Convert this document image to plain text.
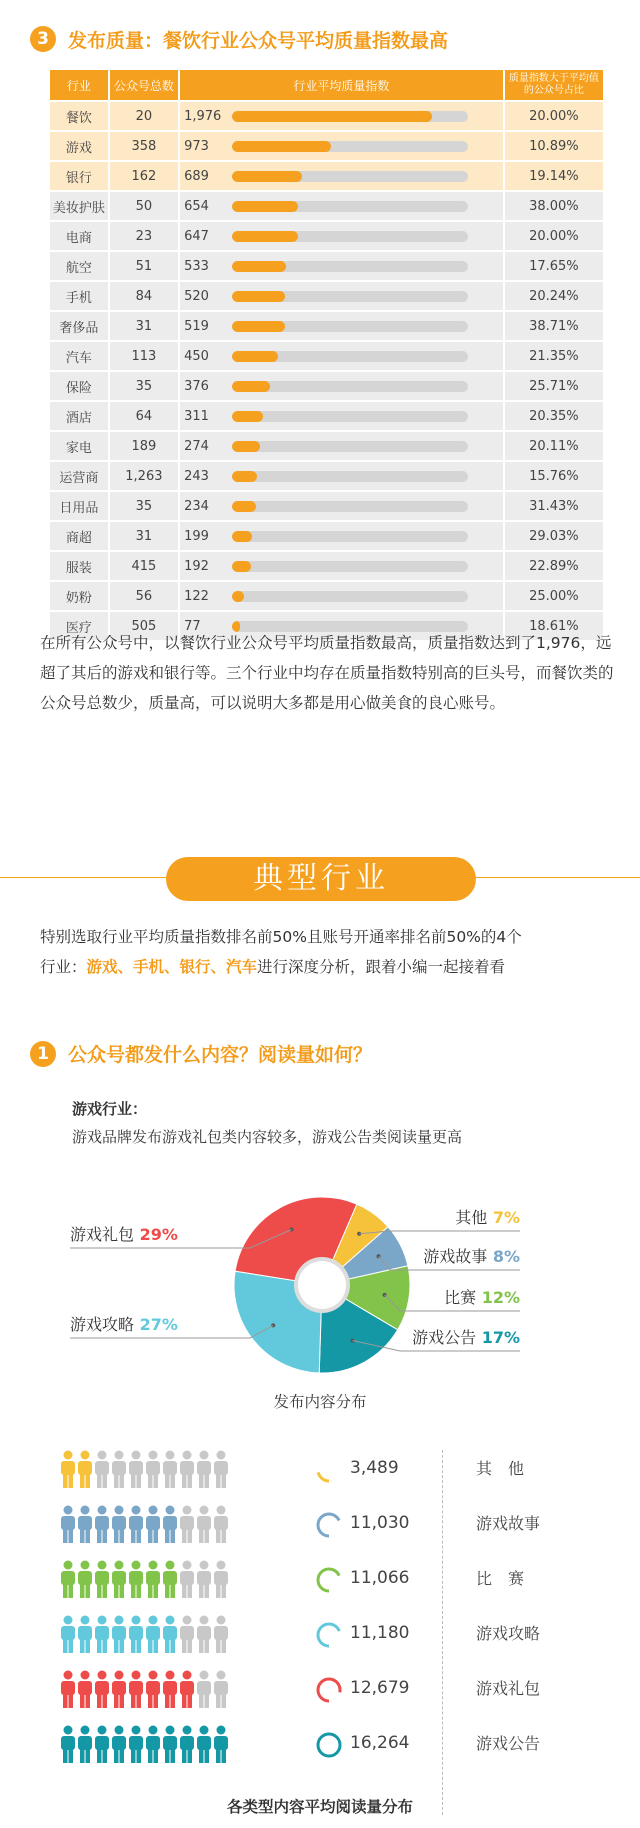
3	发布质量：餐饮行业公众号平均质量指数最高
行业	公众号总数	行业平均质量指数	质量指数大于平均值的公众号占比
餐饮	20	1,976	20.00%
游戏	358	973	10.89%
银行	162	689	19.14%
美妆护肤	50	654	38.00%
电商	23	647	20.00%
航空	51	533	17.65%
手机	84	520	20.24%
奢侈品	31	519	38.71%
汽车	113	450	21.35%
保险	35	376	25.71%
酒店	64	311	20.35%
家电	189	274	20.11%
运营商	1,263	243	15.76%
日用品	35	234	31.43%
商超	31	199	29.03%
服装	415	192	22.89%
奶粉	56	122	25.00%
医疗	505	77	18.61%
在所有公众号中，以餐饮行业公众号平均质量指数最高，质量指数达到了1,976，远超了其后的游戏和银行等。三个行业中均存在质量指数特别高的巨头号，而餐饮类的公众号总数少，质量高，可以说明大多都是用心做美食的良心账号。
典型行业
特别选取行业平均质量指数排名前50%且账号开通率排名前50%的4个
行业：游戏、手机、银行、汽车进行深度分析，跟着小编一起接着看
1	公众号都发什么内容？阅读量如何？
游戏行业：
游戏品牌发布游戏礼包类内容较多，游戏公告类阅读量更高
其他 7%
游戏故事 8%
比赛 12%
游戏公告 17%
游戏攻略 27%
游戏礼包 29%
发布内容分布
3,489	其　他
11,030	游戏故事
11,066	比　赛
11,180	游戏攻略
12,679	游戏礼包
16,264	游戏公告
各类型内容平均阅读量分布
